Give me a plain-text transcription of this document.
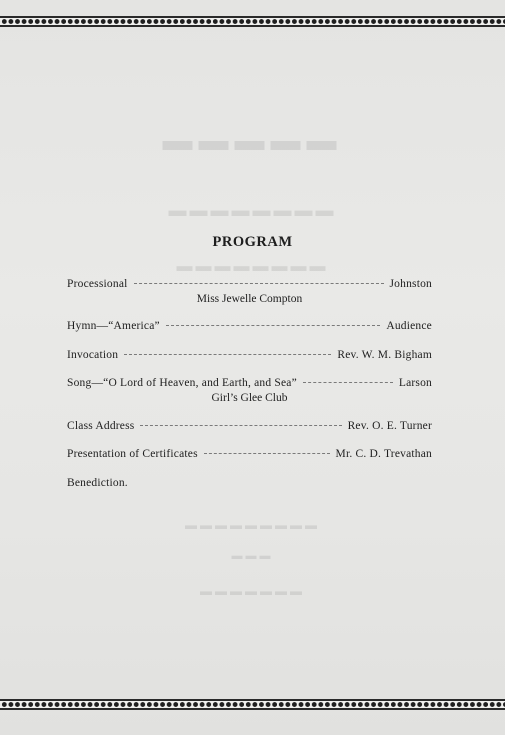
▬▬▬▬▬
▬▬▬▬▬▬▬▬
▬▬▬▬▬▬▬▬
▬▬▬▬▬▬▬▬▬
▬▬▬
▬▬▬▬▬▬▬
PROGRAM
Processional	Johnston
Miss Jewelle Compton
Hymn—“America”	Audience
Invocation	Rev. W. M. Bigham
Song—“O Lord of Heaven, and Earth, and Sea”	Larson
Girl’s Glee Club
Class Address	Rev. O. E. Turner
Presentation of Certificates	Mr. C. D. Trevathan
Benediction.
